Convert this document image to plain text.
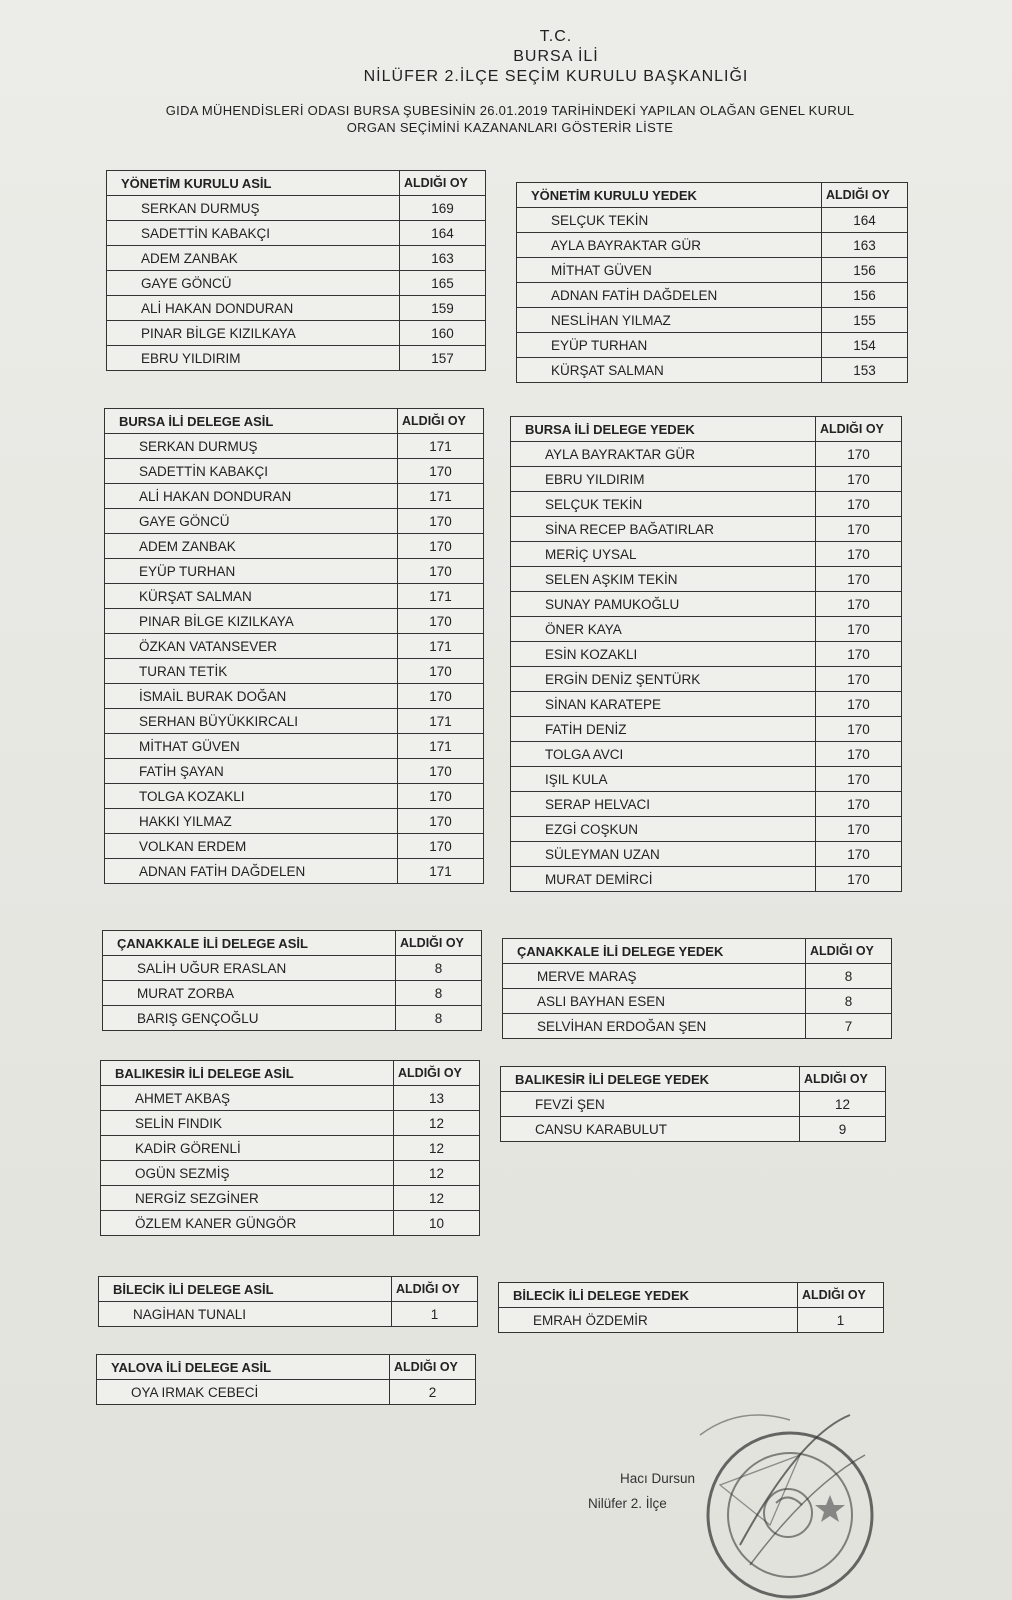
T.C.
BURSA İLİ
NİLÜFER 2.İLÇE SEÇİM KURULU BAŞKANLIĞI
GIDA MÜHENDİSLERİ ODASI BURSA ŞUBESİNİN 26.01.2019 TARİHİNDEKİ YAPILAN OLAĞAN GENEL KURUL
ORGAN SEÇİMİNİ KAZANANLARI GÖSTERİR LİSTE
YÖNETİM KURULU ASİL	ALDIĞI OY
SERKAN DURMUŞ	169
SADETTİN KABAKÇI	164
ADEM ZANBAK	163
GAYE GÖNCÜ	165
ALİ HAKAN DONDURAN	159
PINAR BİLGE KIZILKAYA	160
EBRU YILDIRIM	157
YÖNETİM KURULU YEDEK	ALDIĞI OY
SELÇUK TEKİN	164
AYLA BAYRAKTAR GÜR	163
MİTHAT GÜVEN	156
ADNAN FATİH DAĞDELEN	156
NESLİHAN YILMAZ	155
EYÜP TURHAN	154
KÜRŞAT SALMAN	153
BURSA İLİ DELEGE ASİL	ALDIĞI OY
SERKAN DURMUŞ	171
SADETTİN KABAKÇI	170
ALİ HAKAN DONDURAN	171
GAYE GÖNCÜ	170
ADEM ZANBAK	170
EYÜP TURHAN	170
KÜRŞAT SALMAN	171
PINAR BİLGE KIZILKAYA	170
ÖZKAN VATANSEVER	171
TURAN TETİK	170
İSMAİL BURAK DOĞAN	170
SERHAN BÜYÜKKIRCALI	171
MİTHAT GÜVEN	171
FATİH ŞAYAN	170
TOLGA KOZAKLI	170
HAKKI YILMAZ	170
VOLKAN ERDEM	170
ADNAN FATİH DAĞDELEN	171
BURSA İLİ DELEGE YEDEK	ALDIĞI OY
AYLA BAYRAKTAR GÜR	170
EBRU YILDIRIM	170
SELÇUK TEKİN	170
SİNA RECEP BAĞATIRLAR	170
MERİÇ UYSAL	170
SELEN AŞKIM TEKİN	170
SUNAY PAMUKOĞLU	170
ÖNER KAYA	170
ESİN KOZAKLI	170
ERGİN DENİZ ŞENTÜRK	170
SİNAN KARATEPE	170
FATİH DENİZ	170
TOLGA AVCI	170
IŞIL KULA	170
SERAP HELVACI	170
EZGİ COŞKUN	170
SÜLEYMAN UZAN	170
MURAT DEMİRCİ	170
ÇANAKKALE İLİ DELEGE ASİL	ALDIĞI OY
SALİH UĞUR ERASLAN	8
MURAT ZORBA	8
BARIŞ GENÇOĞLU	8
ÇANAKKALE İLİ DELEGE YEDEK	ALDIĞI OY
MERVE MARAŞ	8
ASLI BAYHAN ESEN	8
SELVİHAN ERDOĞAN ŞEN	7
BALIKESİR İLİ DELEGE ASİL	ALDIĞI OY
AHMET AKBAŞ	13
SELİN FINDIK	12
KADİR GÖRENLİ	12
OGÜN SEZMİŞ	12
NERGİZ SEZGİNER	12
ÖZLEM KANER GÜNGÖR	10
BALIKESİR İLİ DELEGE YEDEK	ALDIĞI OY
FEVZİ ŞEN	12
CANSU KARABULUT	9
BİLECİK İLİ DELEGE ASİL	ALDIĞI OY
NAGİHAN TUNALI	1
BİLECİK İLİ DELEGE YEDEK	ALDIĞI OY
EMRAH ÖZDEMİR	1
YALOVA İLİ DELEGE ASİL	ALDIĞI OY
OYA IRMAK CEBECİ	2
Hacı Dursun
Nilüfer 2. İlçe
